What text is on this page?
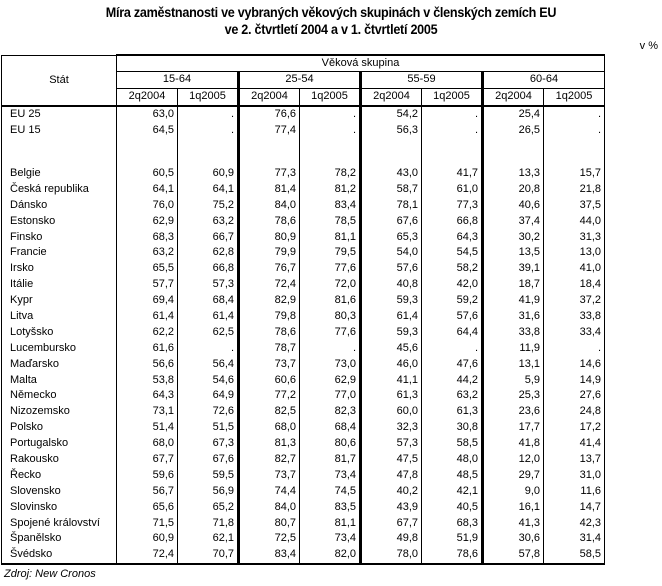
Míra zaměstnanosti ve vybraných věkových skupinách v členských zemích EU
ve 2. čtvrtletí 2004 a v 1. čtvrtletí 2005
v %
Stát	Věková skupina							
	15-64		25-54		55-59		60-64	
	2q2004	1q2005	2q2004	1q2005	2q2004	1q2005	2q2004	1q2005
EU 25	63,0	.	76,6	.	54,2	.	25,4	.
EU 15	64,5	.	77,4	.	56,3	.	26,5	.

Belgie	60,5	60,9	77,3	78,2	43,0	41,7	13,3	15,7
Česká republika	64,1	64,1	81,4	81,2	58,7	61,0	20,8	21,8
Dánsko	76,0	75,2	84,0	83,4	78,1	77,3	40,6	37,5
Estonsko	62,9	63,2	78,6	78,5	67,6	66,8	37,4	44,0
Finsko	68,3	66,7	80,9	81,1	65,3	64,3	30,2	31,3
Francie	63,2	62,8	79,9	79,5	54,0	54,5	13,5	13,0
Irsko	65,5	66,8	76,7	77,6	57,6	58,2	39,1	41,0
Itálie	57,7	57,3	72,4	72,0	40,8	42,0	18,7	18,4
Kypr	69,4	68,4	82,9	81,6	59,3	59,2	41,9	37,2
Litva	61,4	61,4	79,8	80,3	61,4	57,6	31,6	33,8
Lotyšsko	62,2	62,5	78,6	77,6	59,3	64,4	33,8	33,4
Lucembursko	61,6	.	78,7	.	45,6	.	11,9	.
Maďarsko	56,6	56,4	73,7	73,0	46,0	47,6	13,1	14,6
Malta	53,8	54,6	60,6	62,9	41,1	44,2	5,9	14,9
Německo	64,3	64,9	77,2	77,0	61,3	63,2	25,3	27,6
Nizozemsko	73,1	72,6	82,5	82,3	60,0	61,3	23,6	24,8
Polsko	51,4	51,5	68,0	68,4	32,3	30,8	17,7	17,2
Portugalsko	68,0	67,3	81,3	80,6	57,3	58,5	41,8	41,4
Rakousko	67,7	67,6	82,7	81,7	47,5	48,0	12,0	13,7
Řecko	59,6	59,5	73,7	73,4	47,8	48,5	29,7	31,0
Slovensko	56,7	56,9	74,4	74,5	40,2	42,1	9,0	11,6
Slovinsko	65,6	65,2	84,0	83,5	43,9	40,5	16,1	14,7
Spojené království	71,5	71,8	80,7	81,1	67,7	68,3	41,3	42,3
Španělsko	60,9	62,1	72,5	73,4	49,8	51,9	30,6	31,4
Švédsko	72,4	70,7	83,4	82,0	78,0	78,6	57,8	58,5
Zdroj: New Cronos
